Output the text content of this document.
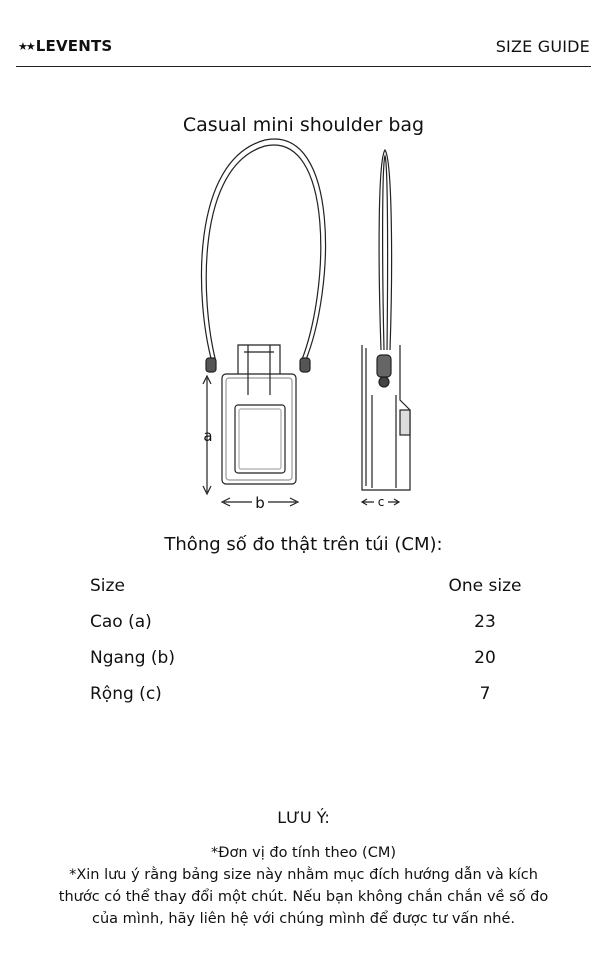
★★ LEVENTS	SIZE GUIDE
Casual mini shoulder bag
a
b	c
Thông số đo thật trên túi (CM):
Size	One size
Cao (a)	23
Ngang (b)	20
Rộng (c)	7
LƯU Ý:
*Đơn vị đo tính theo (CM)
*Xin lưu ý rằng bảng size này nhằm mục đích hướng dẫn và kích
thước có thể thay đổi một chút. Nếu bạn không chắn chắn về số đo
của mình, hãy liên hệ với chúng mình để được tư vấn nhé.
